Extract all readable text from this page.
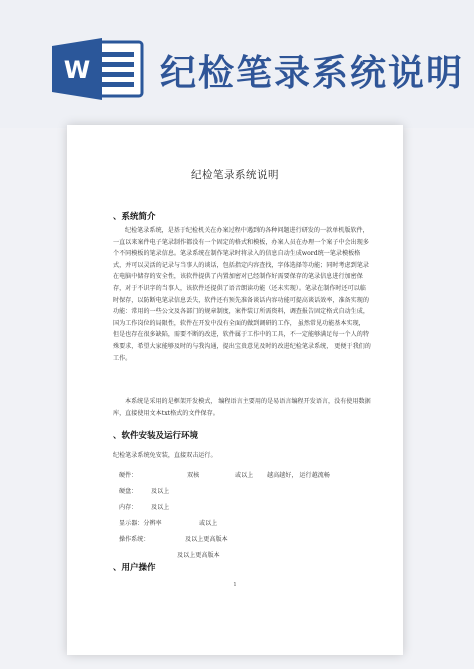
W 纪检笔录系统说明
纪检笔录系统说明
、系统简介

纪检笔录系统，是基于纪检机关在办案过程中遇到的各种问题进行研发的一款单机版软件，一直以来案件电子笔录制作都没有一个固定的格式和模板，办案人员在办理一个案子中会出现多个不同模板的笔录信息。笔录系统在制作笔录时将录入的信息自动生成word统一笔录模板格式，并可以灵活的记录与当事人的谈话，包括指定内容查找，字体选择等功能；同时考虑到笔录在电脑中储存的安全性，该软件提供了内置加密对已经制作好需要保存的笔录信息进行加密保存，对于不识字的当事人，该软件还提供了语音朗读功能（还未实现）。笔录在制作时还可以临时保存，以防断电笔录信息丢失，软件还有预先准备谈话内容功能可提高谈话效率，准备实现的功能：常用的一些公文及各部门的规章制度，案件装订所需资料，调查报告固定格式自动生成，国为工作岗位的局限性，软件在开发中没有全面的做到调研的工作， 虽然常见功能基本实现， 但是也存在很多缺陷，需要不断的改进，软件属于工作中的工具，不一定能够满足每一个人的特殊要求，希望大家能够及时的与我沟通，提出宝贵意见及时的改进纪检笔录系统， 更便于我们的工作。

本系统是采用的是框架开发模式， 编程语言主要用的是易语言编程开发语言，没有使用数据库，直接使用文本txt格式的文件保存。

、软件安装及运行环境
纪检笔录系统免安装，直接双击运行。
硬件：	双核	或以上 越高越好， 运行越流畅
硬盘： 及以上
内存： 及以上
显示器：分辨率	或以上
操作系统：	及以上更高版本
及以上更高版本
、用户操作
1
